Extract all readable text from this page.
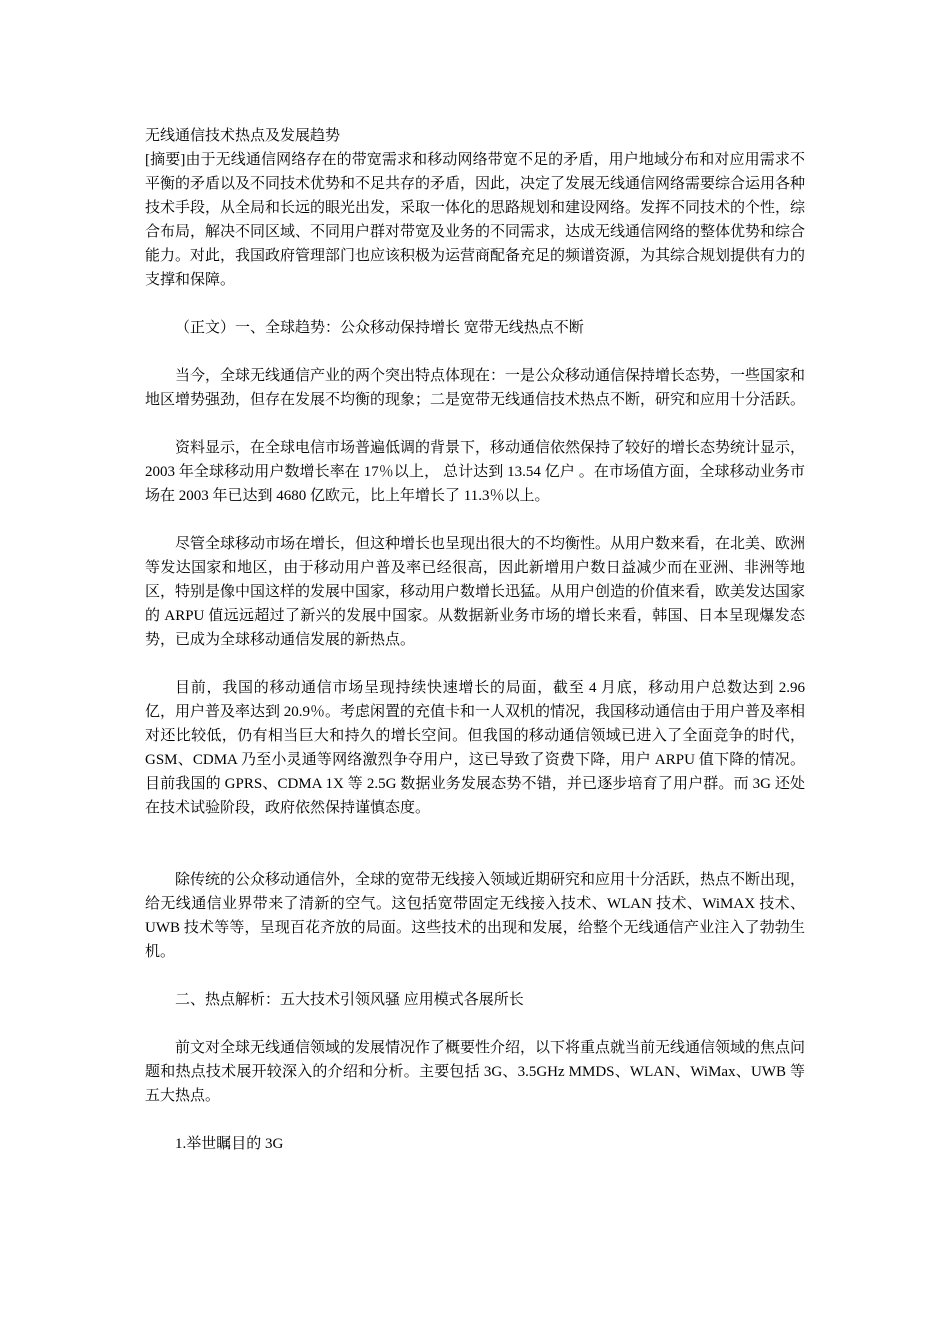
无线通信技术热点及发展趋势

[摘要]由于无线通信网络存在的带宽需求和移动网络带宽不足的矛盾，用户地域分布和对应用需求不平衡的矛盾以及不同技术优势和不足共存的矛盾，因此，决定了发展无线通信网络需要综合运用各种技术手段，从全局和长远的眼光出发，采取一体化的思路规划和建设网络。发挥不同技术的个性，综合布局，解决不同区域、不同用户群对带宽及业务的不同需求，达成无线通信网络的整体优势和综合能力。对此，我国政府管理部门也应该积极为运营商配备充足的频谱资源，为其综合规划提供有力的支撑和保障。

（正文）一、全球趋势：公众移动保持增长 宽带无线热点不断

当今，全球无线通信产业的两个突出特点体现在：一是公众移动通信保持增长态势，一些国家和地区增势强劲，但存在发展不均衡的现象；二是宽带无线通信技术热点不断，研究和应用十分活跃。

资料显示，在全球电信市场普遍低调的背景下，移动通信依然保持了较好的增长态势统计显示，2003 年全球移动用户数增长率在 17％以上， 总计达到 13.54 亿户 。在市场值方面，全球移动业务市场在 2003 年已达到 4680 亿欧元，比上年增长了 11.3％以上。

尽管全球移动市场在增长，但这种增长也呈现出很大的不均衡性。从用户数来看，在北美、欧洲等发达国家和地区，由于移动用户普及率已经很高，因此新增用户数日益减少而在亚洲、非洲等地区，特别是像中国这样的发展中国家，移动用户数增长迅猛。从用户创造的价值来看，欧美发达国家的 ARPU 值远远超过了新兴的发展中国家。从数据新业务市场的增长来看，韩国、日本呈现爆发态势，已成为全球移动通信发展的新热点。

目前，我国的移动通信市场呈现持续快速增长的局面，截至 4 月底，移动用户总数达到 2.96 亿，用户普及率达到 20.9％。考虑闲置的充值卡和一人双机的情况，我国移动通信由于用户普及率相对还比较低，仍有相当巨大和持久的增长空间。但我国的移动通信领域已进入了全面竞争的时代，GSM、CDMA 乃至小灵通等网络激烈争夺用户，这已导致了资费下降，用户 ARPU 值下降的情况。目前我国的 GPRS、CDMA 1X 等 2.5G 数据业务发展态势不错，并已逐步培育了用户群。而 3G 还处在技术试验阶段，政府依然保持谨慎态度。

除传统的公众移动通信外，全球的宽带无线接入领域近期研究和应用十分活跃，热点不断出现，给无线通信业界带来了清新的空气。这包括宽带固定无线接入技术、WLAN 技术、WiMAX 技术、UWB 技术等等，呈现百花齐放的局面。这些技术的出现和发展，给整个无线通信产业注入了勃勃生机。

二、热点解析：五大技术引领风骚 应用模式各展所长

前文对全球无线通信领域的发展情况作了概要性介绍，以下将重点就当前无线通信领域的焦点问题和热点技术展开较深入的介绍和分析。主要包括 3G、3.5GHz MMDS、WLAN、WiMax、UWB 等五大热点。

1.举世瞩目的 3G
